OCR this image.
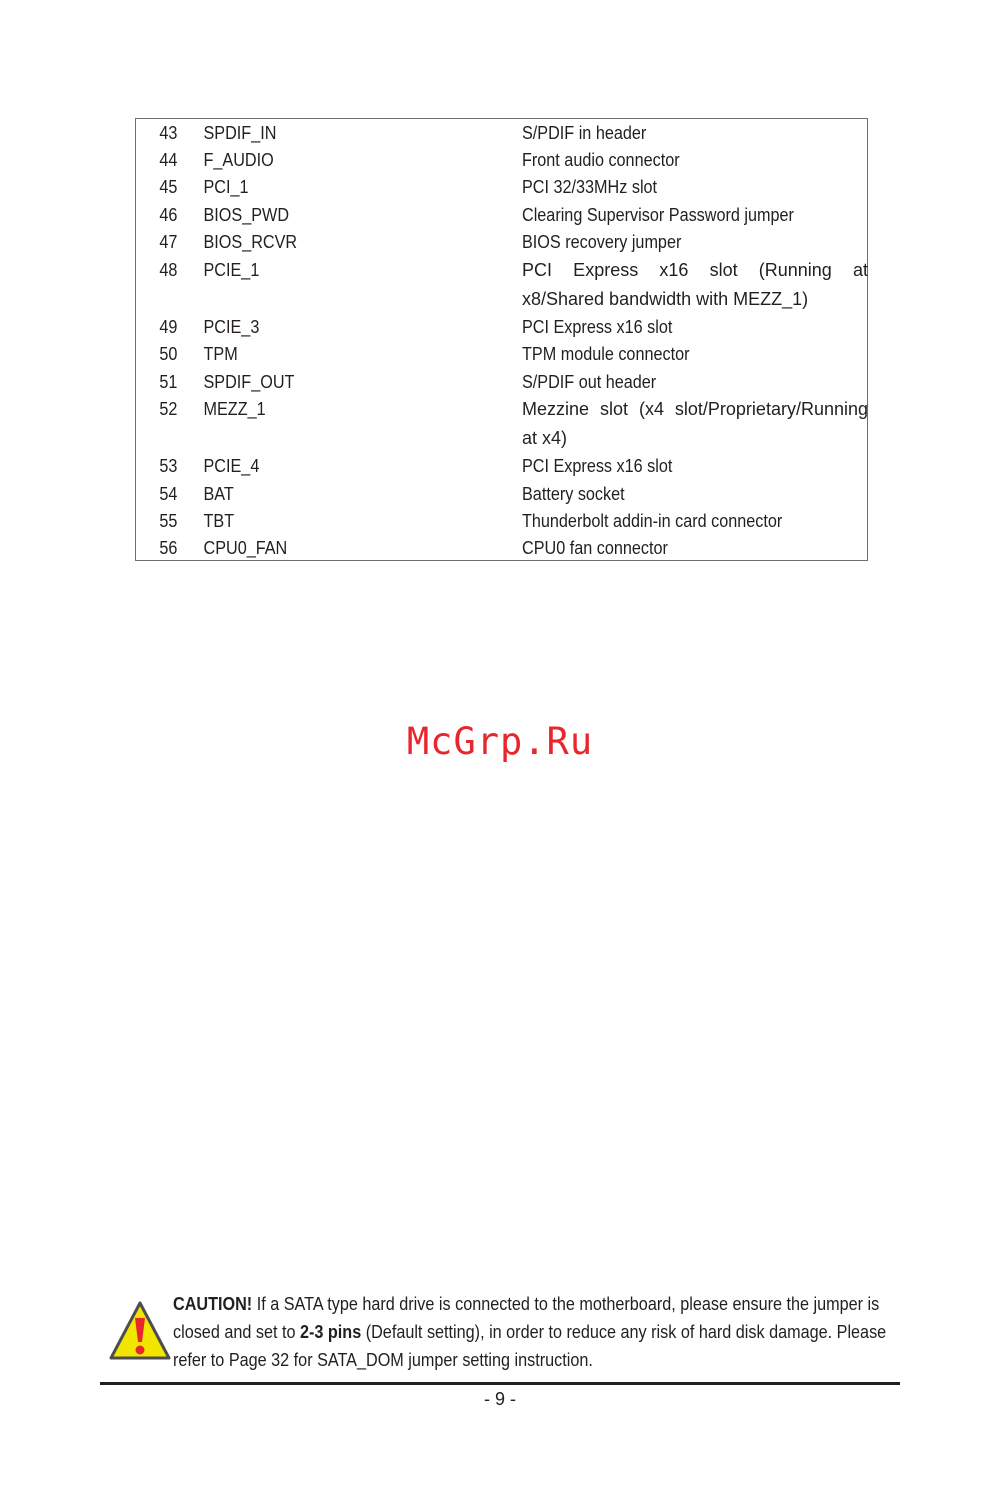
43	SPDIF_IN	S/PDIF in header
44	F_AUDIO	Front audio connector
45	PCI_1	PCI 32/33MHz slot
46	BIOS_PWD	Clearing Supervisor Password jumper
47	BIOS_RCVR	BIOS recovery jumper
48	PCIE_1	PCI Express x16 slot (Running at x8/Shared bandwidth with MEZZ_1)
49	PCIE_3	PCI Express x16 slot
50	TPM	TPM module connector
51	SPDIF_OUT	S/PDIF out header
52	MEZZ_1	Mezzine slot (x4 slot/Proprietary/Running at x4)
53	PCIE_4	PCI Express x16 slot
54	BAT	Battery socket
55	TBT	Thunderbolt addin-in card connector
56	CPU0_FAN	CPU0 fan connector
McGrp.Ru
CAUTION! If a SATA type hard drive is connected to the motherboard, please ensure the jumper is closed and set to 2-3 pins (Default setting), in order to reduce any risk of hard disk damage. Please refer to Page 32 for SATA_DOM jumper setting instruction.
- 9 -
